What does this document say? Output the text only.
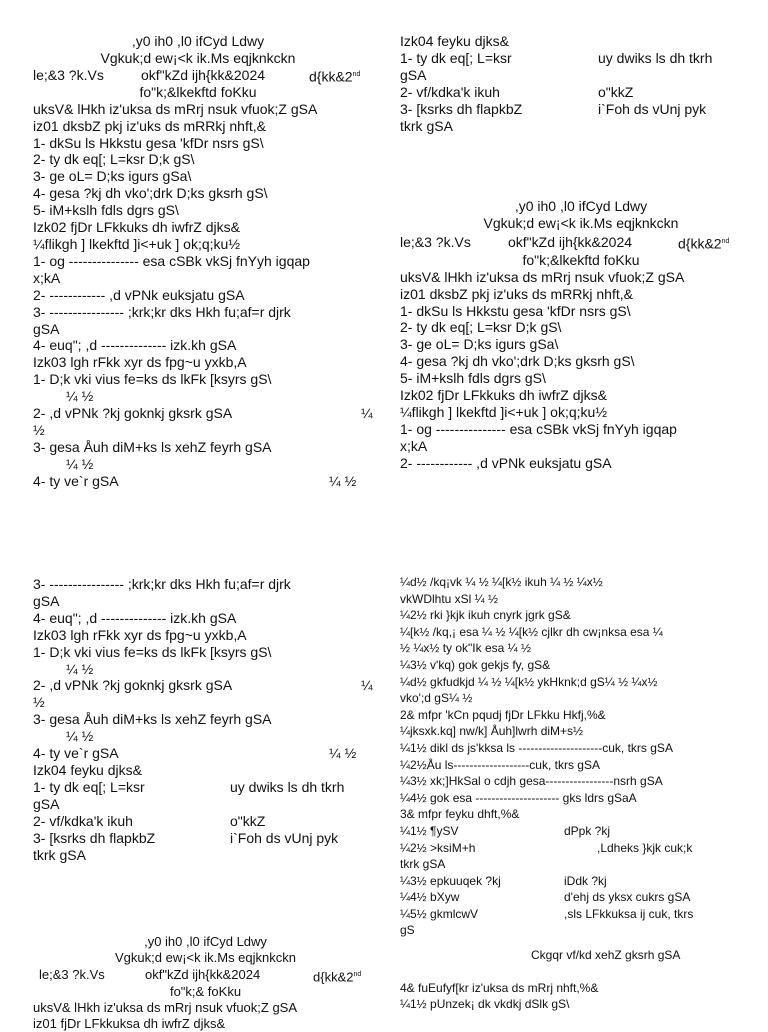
,y0 ih0 ,l0 ifCyd Ldwy
Vgkuk;d ew¡<k ik.Ms eqjknkckn
le;&3 ?k.Vs	okf"kZd ijh{kk&2024	d{kk&2nd
fo"k;&lkekftd foKku
uksV& lHkh iz'uksa ds mRrj nsuk vfuok;Z gSA
iz01 dksbZ pkj iz'uks ds mRRkj nhft,&
1- dkSu ls Hkkstu gesa 'kfDr nsrs gS\
2- ty dk eq[; L=ksr D;k gS\
3- ge oL= D;ks igurs gSa\
4- gesa ?kj dh vko';drk D;ks gksrh gS\
5- iM+kslh fdls dgrs gS\
Izk02 fjDr LFkkuks dh iwfrZ djks&
¼flikgh ] lkekftd ]i<+uk ] ok;q;ku½
1- og --------------- esa cSBk vkSj fnYyh igqap
x;kA
2- ------------ ,d vPNk euksjatu gSA
3- ---------------- ;krk;kr dks Hkh fu;af=r djrk
gSA
4- euq"; ,d -------------- izk.kh gSA
Izk03 lgh rFkk xyr ds fpg~u yxkb,A
1- D;k vki vius fe=ks ds lkFk [ksyrs gS\
¼ ½
2- ,d vPNk ?kj goknkj gksrk gSA	¼
½
3- gesa Åuh diM+ks ls xehZ feyrh gSA
¼ ½
4- ty ve`r gSA	¼ ½
Izk04 feyku djks&
1- ty dk eq[; L=ksr	uy dwiks ls dh tkrh
gSA
2- vf/kdka'k ikuh	o"kkZ
3- [ksrks dh flapkbZ	i`Foh ds vUnj pyk
tkrk gSA
,y0 ih0 ,l0 ifCyd Ldwy
Vgkuk;d ew¡<k ik.Ms eqjknkckn
le;&3 ?k.Vs	okf"kZd ijh{kk&2024	d{kk&2nd
fo"k;&lkekftd foKku
uksV& lHkh iz'uksa ds mRrj nsuk vfuok;Z gSA
iz01 dksbZ pkj iz'uks ds mRRkj nhft,&
1- dkSu ls Hkkstu gesa 'kfDr nsrs gS\
2- ty dk eq[; L=ksr D;k gS\
3- ge oL= D;ks igurs gSa\
4- gesa ?kj dh vko';drk D;ks gksrh gS\
5- iM+kslh fdls dgrs gS\
Izk02 fjDr LFkkuks dh iwfrZ djks&
¼flikgh ] lkekftd ]i<+uk ] ok;q;ku½
1- og --------------- esa cSBk vkSj fnYyh igqap
x;kA
2- ------------ ,d vPNk euksjatu gSA
3- ---------------- ;krk;kr dks Hkh fu;af=r djrk
gSA
4- euq"; ,d -------------- izk.kh gSA
Izk03 lgh rFkk xyr ds fpg~u yxkb,A
1- D;k vki vius fe=ks ds lkFk [ksyrs gS\
¼ ½
2- ,d vPNk ?kj goknkj gksrk gSA	¼
½
3- gesa Åuh diM+ks ls xehZ feyrh gSA
¼ ½
4- ty ve`r gSA	¼ ½
Izk04 feyku djks&
1- ty dk eq[; L=ksr	uy dwiks ls dh tkrh
gSA
2- vf/kdka'k ikuh	o"kkZ
3- [ksrks dh flapkbZ	i`Foh ds vUnj pyk
tkrk gSA
,y0 ih0 ,l0 ifCyd Ldwy
Vgkuk;d ew¡<k ik.Ms eqjknkckn
le;&3 ?k.Vs	okf"kZd ijh{kk&2024	d{kk&2nd
fo"k;& foKku
uksV& lHkh iz'uksa ds mRrj nsuk vfuok;Z gSA
iz01 fjDr LFkkuksa dh iwfrZ djks&
¼d½ /kq¡vk ¼ ½ ¼[k½ ikuh ¼ ½ ¼x½
vkWDlhtu xSl ¼ ½
¼2½ rki }kjk ikuh cnyrk jgrk gS&
¼[k½ /kq,¡ esa ¼ ½ ¼[k½ cjlkr dh cw¡nksa esa ¼
½ ¼x½ ty ok"Ik esa ¼ ½
¼3½ v'kq) gok gekjs fy, gS&
¼d½ gkfudkjd ¼ ½ ¼[k½ ykHknk;d gS¼ ½ ¼x½
vko';d gS¼ ½
2& mfpr 'kCn pqudj fjDr LFkku Hkfj,%&
¼jksxk.kq] nw/k] Åuh]lwrh diM+s½
¼1½ dikl ds js'kksa ls ---------------------cuk, tkrs gSA
¼2½Åu ls-------------------cuk, tkrs gSA
¼3½ xk;]HkSal o cdjh gesa-----------------nsrh gSA
¼4½ gok esa --------------------- gks ldrs gSaA
3& mfpr feyku dhft,%&
¼1½ ¶ySV	dPpk ?kj
¼2½ >ksiM+h	,Ldheks }kjk cuk;k
tkrk gSA
¼3½ epkuuqek ?kj	iDdk ?kj
¼4½ bXyw	d'ehj ds yksx cukrs gSA
¼5½ gkmlcwV	,sls LFkkuksa ij cuk, tkrs
gS
Ckgqr vf/kd xehZ gksrh gSA
4& fuEufyf[kr iz'uksa ds mRrj nhft,%&
¼1½ pUnzek¡ dk vkdkj dSlk gS\
